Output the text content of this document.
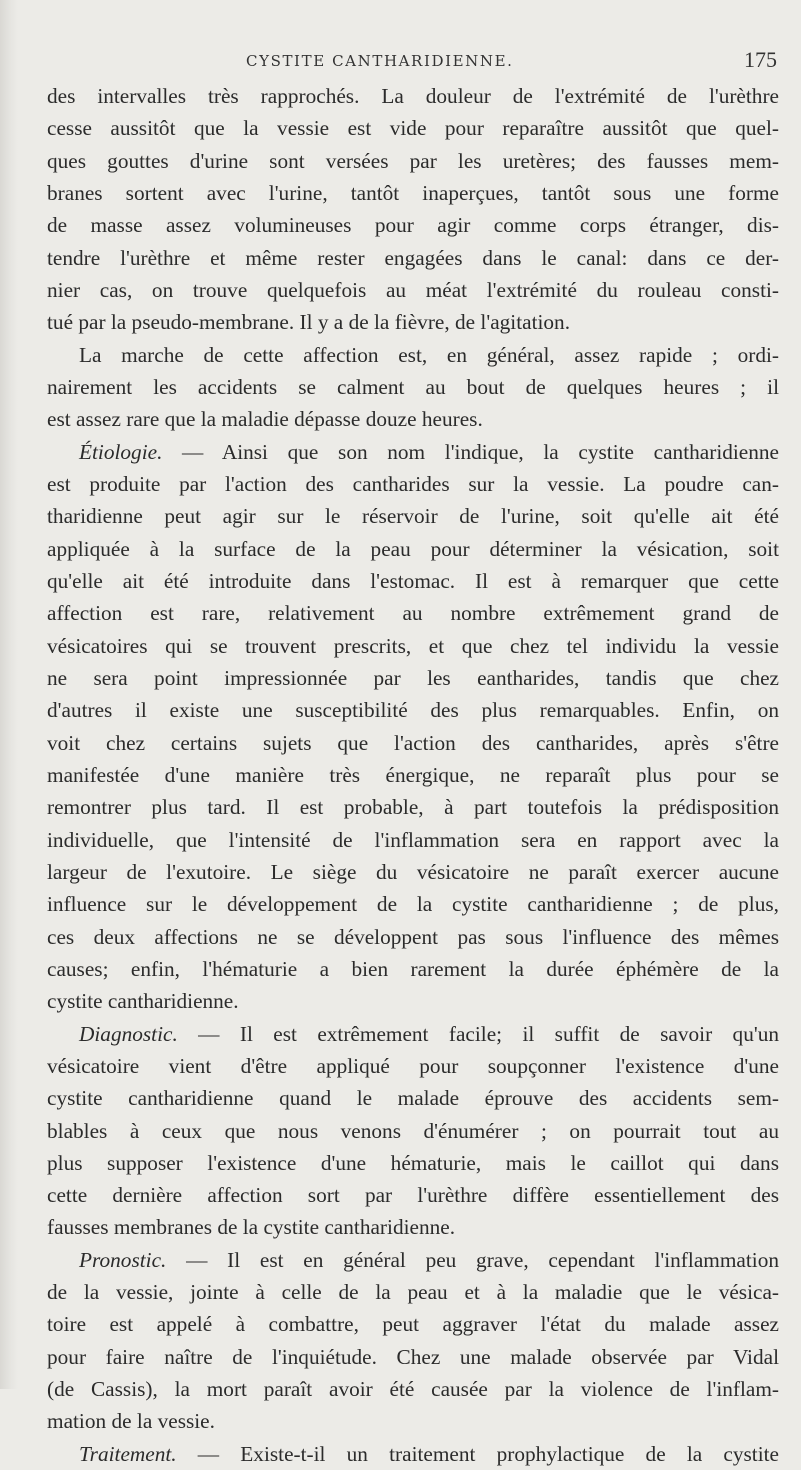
CYSTITE CANTHARIDIENNE.	175
des intervalles très rapprochés. La douleur de l'extrémité de l'urèthre
cesse aussitôt que la vessie est vide pour reparaître aussitôt que quel-
ques gouttes d'urine sont versées par les uretères; des fausses mem-
branes sortent avec l'urine, tantôt inaperçues, tantôt sous une forme
de masse assez volumineuses pour agir comme corps étranger, dis-
tendre l'urèthre et même rester engagées dans le canal: dans ce der-
nier cas, on trouve quelquefois au méat l'extrémité du rouleau consti-
tué par la pseudo-membrane. Il y a de la fièvre, de l'agitation.
La marche de cette affection est, en général, assez rapide ; ordi-
nairement les accidents se calment au bout de quelques heures ; il
est assez rare que la maladie dépasse douze heures.
Étiologie. — Ainsi que son nom l'indique, la cystite cantharidienne
est produite par l'action des cantharides sur la vessie. La poudre can-
tharidienne peut agir sur le réservoir de l'urine, soit qu'elle ait été
appliquée à la surface de la peau pour déterminer la vésication, soit
qu'elle ait été introduite dans l'estomac. Il est à remarquer que cette
affection est rare, relativement au nombre extrêmement grand de
vésicatoires qui se trouvent prescrits, et que chez tel individu la vessie
ne sera point impressionnée par les eantharides, tandis que chez
d'autres il existe une susceptibilité des plus remarquables. Enfin, on
voit chez certains sujets que l'action des cantharides, après s'être
manifestée d'une manière très énergique, ne reparaît plus pour se
remontrer plus tard. Il est probable, à part toutefois la prédisposition
individuelle, que l'intensité de l'inflammation sera en rapport avec la
largeur de l'exutoire. Le siège du vésicatoire ne paraît exercer aucune
influence sur le développement de la cystite cantharidienne ; de plus,
ces deux affections ne se développent pas sous l'influence des mêmes
causes; enfin, l'hématurie a bien rarement la durée éphémère de la
cystite cantharidienne.
Diagnostic. — Il est extrêmement facile; il suffit de savoir qu'un
vésicatoire vient d'être appliqué pour soupçonner l'existence d'une
cystite cantharidienne quand le malade éprouve des accidents sem-
blables à ceux que nous venons d'énumérer ; on pourrait tout au
plus supposer l'existence d'une hématurie, mais le caillot qui dans
cette dernière affection sort par l'urèthre diffère essentiellement des
fausses membranes de la cystite cantharidienne.
Pronostic. — Il est en général peu grave, cependant l'inflammation
de la vessie, jointe à celle de la peau et à la maladie que le vésica-
toire est appelé à combattre, peut aggraver l'état du malade assez
pour faire naître de l'inquiétude. Chez une malade observée par Vidal
(de Cassis), la mort paraît avoir été causée par la violence de l'inflam-
mation de la vessie.
Traitement. — Existe-t-il un traitement prophylactique de la cystite
